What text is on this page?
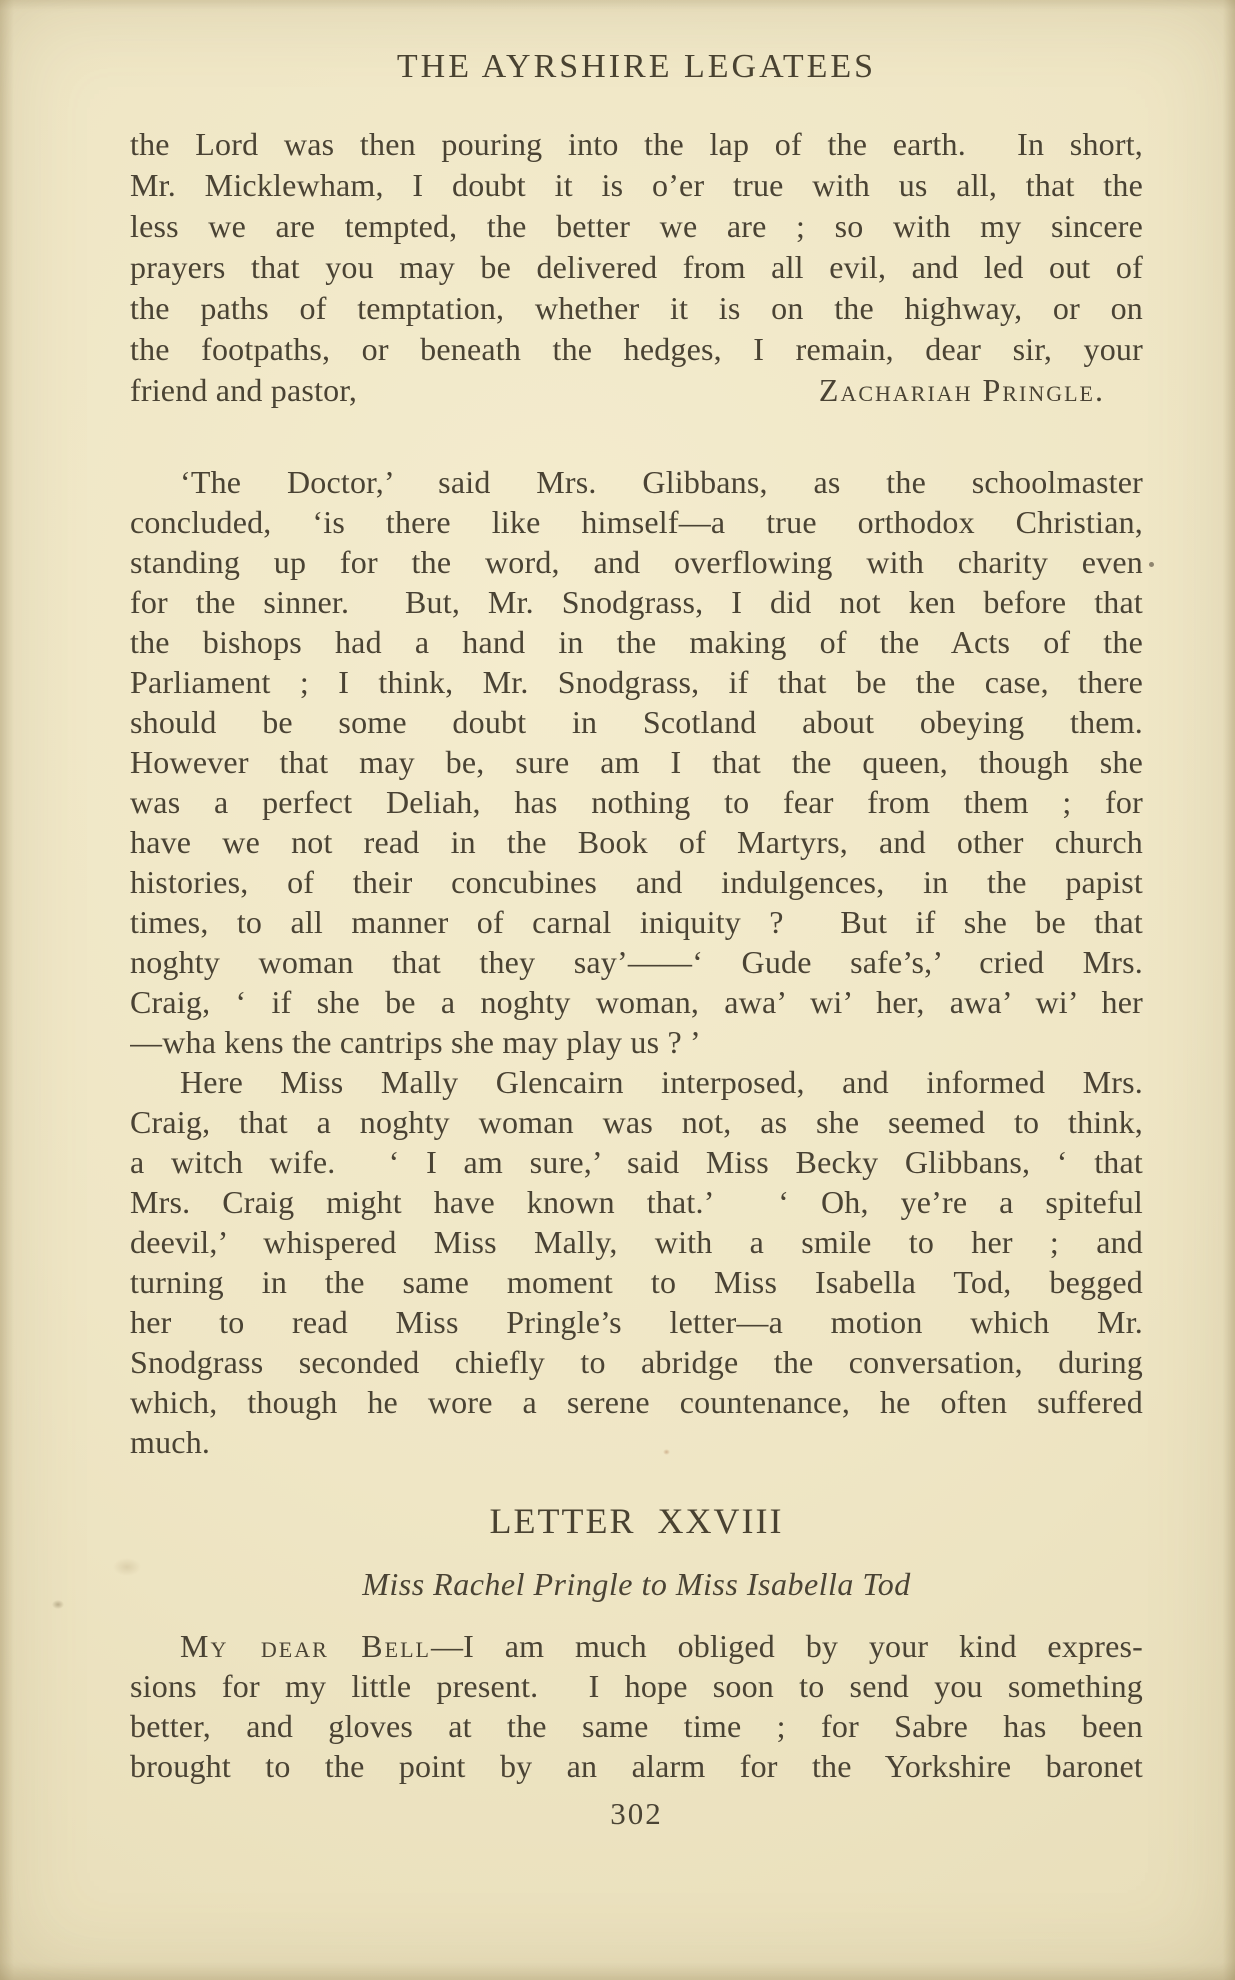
THE AYRSHIRE LEGATEES
the Lord was then pouring into the lap of the earth.  In short,
Mr. Micklewham, I doubt it is o’er true with us all, that the
less we are tempted, the better we are ; so with my sincere
prayers that you may be delivered from all evil, and led out of
the paths of temptation, whether it is on the highway, or on
the footpaths, or beneath the hedges, I remain, dear sir, your
friend and pastor,	Zachariah Pringle.
‘The Doctor,’ said Mrs. Glibbans, as the schoolmaster
concluded, ‘is there like himself—a true orthodox Christian,
standing up for the word, and overflowing with charity even
for the sinner.  But, Mr. Snodgrass, I did not ken before that
the bishops had a hand in the making of the Acts of the
Parliament ; I think, Mr. Snodgrass, if that be the case, there
should be some doubt in Scotland about obeying them.
However that may be, sure am I that the queen, though she
was a perfect Deliah, has nothing to fear from them ; for
have we not read in the Book of Martyrs, and other church
histories, of their concubines and indulgences, in the papist
times, to all manner of carnal iniquity ?  But if she be that
noghty woman that they say’——‘ Gude safe’s,’ cried Mrs.
Craig, ‘ if she be a noghty woman, awa’ wi’ her, awa’ wi’ her
—wha kens the cantrips she may play us ? ’
Here Miss Mally Glencairn interposed, and informed Mrs.
Craig, that a noghty woman was not, as she seemed to think,
a witch wife.  ‘ I am sure,’ said Miss Becky Glibbans, ‘ that
Mrs. Craig might have known that.’  ‘ Oh, ye’re a spiteful
deevil,’ whispered Miss Mally, with a smile to her ; and
turning in the same moment to Miss Isabella Tod, begged
her to read Miss Pringle’s letter—a motion which Mr.
Snodgrass seconded chiefly to abridge the conversation, during
which, though he wore a serene countenance, he often suffered
much.
LETTER  XXVIII
Miss Rachel Pringle to Miss Isabella Tod
My dear Bell—I am much obliged by your kind expres-
sions for my little present.  I hope soon to send you something
better, and gloves at the same time ; for Sabre has been
brought to the point by an alarm for the Yorkshire baronet
302
